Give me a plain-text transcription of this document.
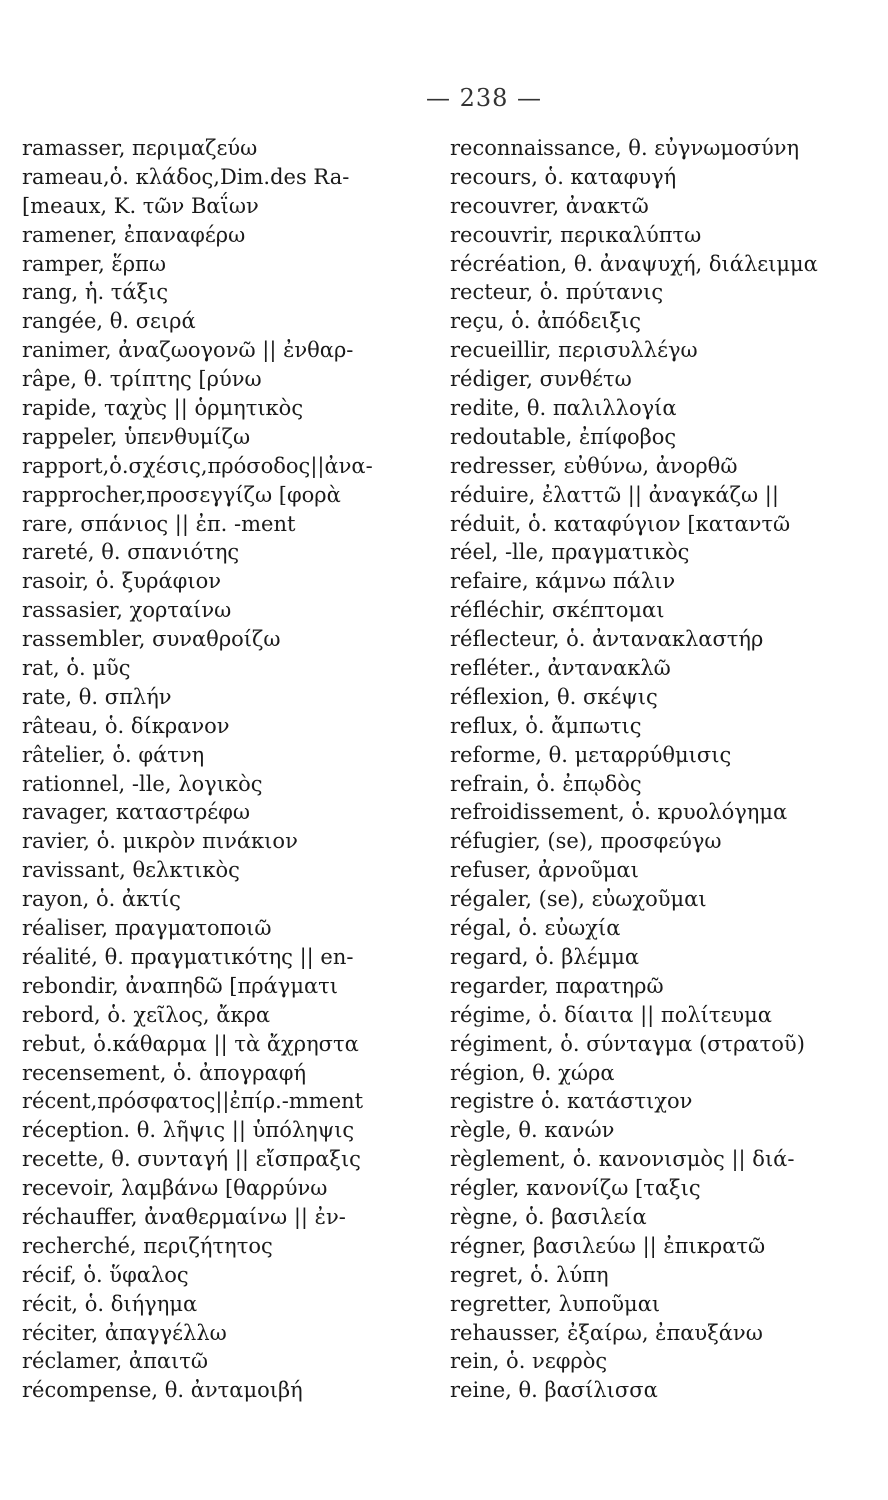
— 238 —
ramasser, περιμαζεύω
rameau,ὁ. κλάδος,Dim.des Ra-
[meaux, K. τῶν Βαΐων
ramener, ἐπαναφέρω
ramper, ἕρπω
rang, ἡ. τάξις
rangée, θ. σειρά
ranimer, ἀναζωογονῶ || ἐνθαρ-
râpe, θ. τρίπτης [ρύνω
rapide, ταχὺς || ὁρμητικὸς
rappeler, ὑπενθυμίζω
rapport,ὁ.σχέσις,πρόσοδος||ἀνα-
rapprocher,προσεγγίζω [φορὰ
rare, σπάνιος || ἐπ. -ment
rareté, θ. σπανιότης
rasoir, ὁ. ξυράφιον
rassasier, χορταίνω
rassembler, συναθροίζω
rat, ὁ. μῦς
rate, θ. σπλήν
râteau, ὁ. δίκρανον
râtelier, ὁ. φάτνη
rationnel, -lle, λογικὸς
ravager, καταστρέφω
ravier, ὁ. μικρὸν πινάκιον
ravissant, θελκτικὸς
rayon, ὁ. ἀκτίς
réaliser, πραγματοποιῶ
réalité, θ. πραγματικότης || en-
rebondir, ἀναπηδῶ [πράγματι
rebord, ὁ. χεῖλος, ἄκρα
rebut, ὁ.κάθαρμα || τὰ ἄχρηστα
recensement, ὁ. ἀπογραφή
récent,πρόσφατος||ἐπίρ.-mment
réception. θ. λῆψις || ὑπόληψις
recette, θ. συνταγή || εἴσπραξις
recevoir, λαμβάνω [θαρρύνω
réchauffer, ἀναθερμαίνω || ἐν-
recherché, περιζήτητος
récif, ὁ. ὕφαλος
récit, ὁ. διήγημα
réciter, ἀπαγγέλλω
réclamer, ἀπαιτῶ
récompense, θ. ἀνταμοιβή
reconnaissance, θ. εὐγνωμοσύνη
recours, ὁ. καταφυγή
recouvrer, ἀνακτῶ
recouvrir, περικαλύπτω
récréation, θ. ἀναψυχή, διάλειμμα
recteur, ὁ. πρύτανις
reçu, ὁ. ἀπόδειξις
recueillir, περισυλλέγω
rédiger, συνθέτω
redite, θ. παλιλλογία
redoutable, ἐπίφοβος
redresser, εὐθύνω, ἀνορθῶ
réduire, ἐλαττῶ || ἀναγκάζω ||
réduit, ὁ. καταφύγιον [καταντῶ
réel, -lle, πραγματικὸς
refaire, κάμνω πάλιν
réfléchir, σκέπτομαι
réflecteur, ὁ. ἀντανακλαστήρ
refléter., ἀντανακλῶ
réflexion, θ. σκέψις
reflux, ὁ. ἄμπωτις
reforme, θ. μεταρρύθμισις
refrain, ὁ. ἐπῳδὸς
refroidissement, ὁ. κρυολόγημα
réfugier, (se), προσφεύγω
refuser, ἀρνοῦμαι
régaler, (se), εὐωχοῦμαι
régal, ὁ. εὐωχία
regard, ὁ. βλέμμα
regarder, παρατηρῶ
régime, ὁ. δίαιτα || πολίτευμα
régiment, ὁ. σύνταγμα (στρατοῦ)
région, θ. χώρα
registre ὁ. κατάστιχον
règle, θ. κανών
règlement, ὁ. κανονισμὸς || διά-
régler, κανονίζω [ταξις
règne, ὁ. βασιλεία
régner, βασιλεύω || ἐπικρατῶ
regret, ὁ. λύπη
regretter, λυποῦμαι
rehausser, ἐξαίρω, ἐπαυξάνω
rein, ὁ. νεφρὸς
reine, θ. βασίλισσα
